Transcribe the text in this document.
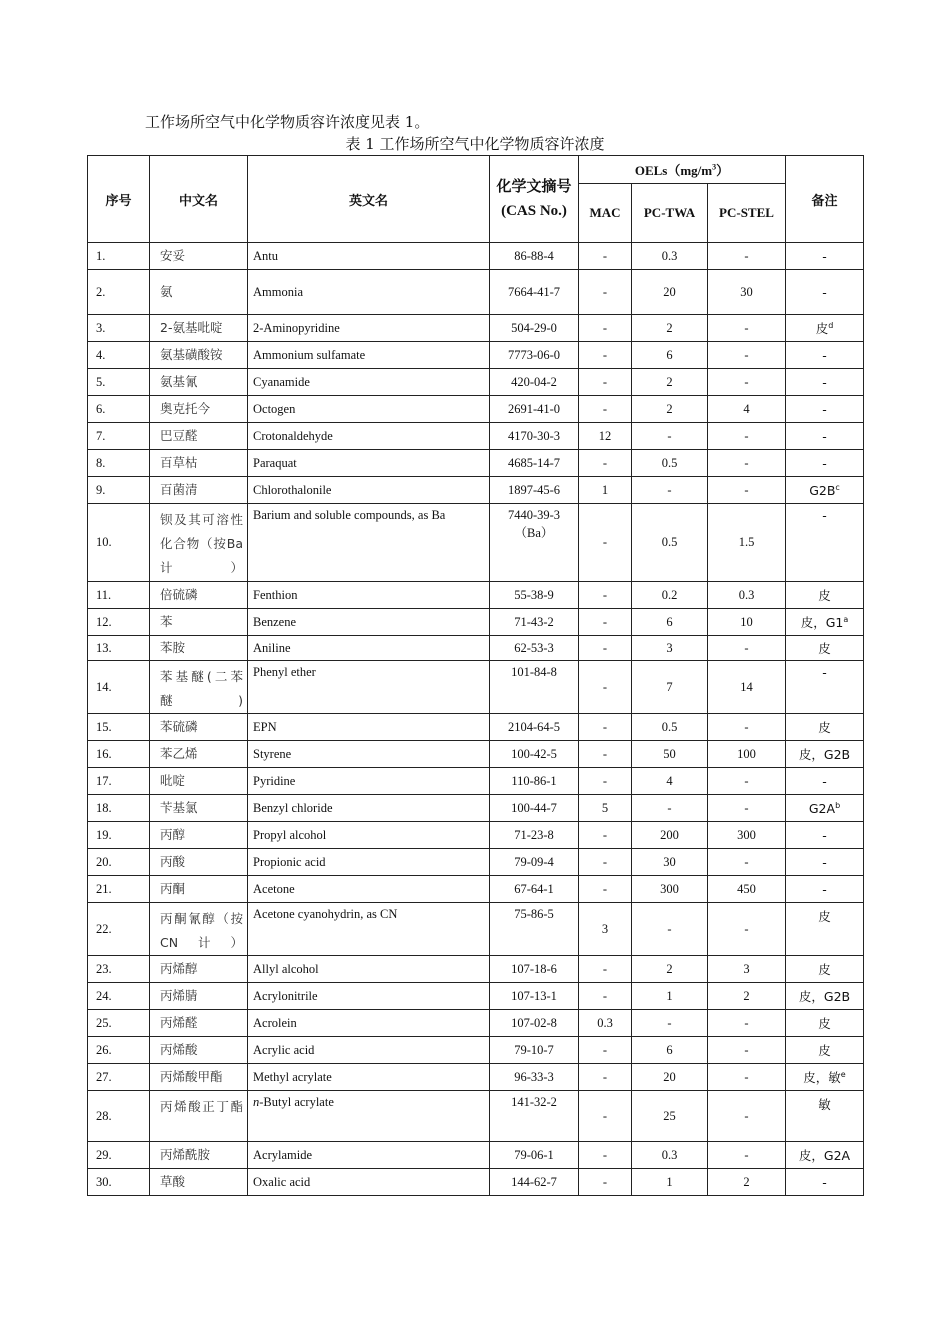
工作场所空气中化学物质容许浓度见表 1。
表 1 工作场所空气中化学物质容许浓度
序号	中文名	英文名	化学文摘号(CAS No.)	$OELs(mg/m^3)$			备注
				MAC	PC-TWA	PC-STEL	
1.	安妥	Antu	86-88-4	-	0.3	-	-
2.	氨	Ammonia	7664-41-7	-	20	30	-
3.	2-氨基吡啶	2-Aminopyridine	504-29-0	-	2	-	皮$^d$
4.	氨基磺酸铵	Ammonium sulfamate	7773-06-0	-	6	-	-
5.	氨基氰	Cyanamide	420-04-2	-	2	-	-
6.	奥克托今	Octogen	2691-41-0	-	2	4	-
7.	巴豆醛	Crotonaldehyde	4170-30-3	12	-	-	-
8.	百草枯	Paraquat	4685-14-7	-	0.5	-	-
9.	百菌清	Chlorothalonile	1897-45-6	1	-	-	$G2B^c$
10.	钡及其可溶性化合物（按Ba计）	Barium and soluble compounds, as Ba	7440-39-3（Ba）	-	0.5	1.5	-
11.	倍硫磷	Fenthion	55-38-9	-	0.2	0.3	皮
12.	苯	Benzene	71-43-2	-	6	10	皮，G1$^a$
13.	苯胺	Aniline	62-53-3	-	3	-	皮
14.	苯基醚(二苯醚)	Phenyl ether	101-84-8	-	7	14	-
15.	苯硫磷	EPN	2104-64-5	-	0.5	-	皮
16.	苯乙烯	Styrene	100-42-5	-	50	100	皮，G2B
17.	吡啶	Pyridine	110-86-1	-	4	-	-
18.	苄基氯	Benzyl chloride	100-44-7	5	-	-	$G2A^b$
19.	丙醇	Propyl alcohol	71-23-8	-	200	300	-
20.	丙酸	Propionic acid	79-09-4	-	30	-	-
21.	丙酮	Acetone	67-64-1	-	300	450	-
22.	丙酮氰醇（按CN计）	Acetone cyanohydrin, as CN	75-86-5	3	-	-	皮
23.	丙烯醇	Allyl alcohol	107-18-6	-	2	3	皮
24.	丙烯腈	Acrylonitrile	107-13-1	-	1	2	皮，G2B
25.	丙烯醛	Acrolein	107-02-8	0.3	-	-	皮
26.	丙烯酸	Acrylic acid	79-10-7	-	6	-	皮
27.	丙烯酸甲酯	Methyl acrylate	96-33-3	-	20	-	皮，敏$^e$
28.	丙烯酸正丁酯	n-Butyl acrylate	141-32-2	-	25	-	敏
29.	丙烯酰胺	Acrylamide	79-06-1	-	0.3	-	皮，G2A
30.	草酸	Oxalic acid	144-62-7	-	1	2	-
